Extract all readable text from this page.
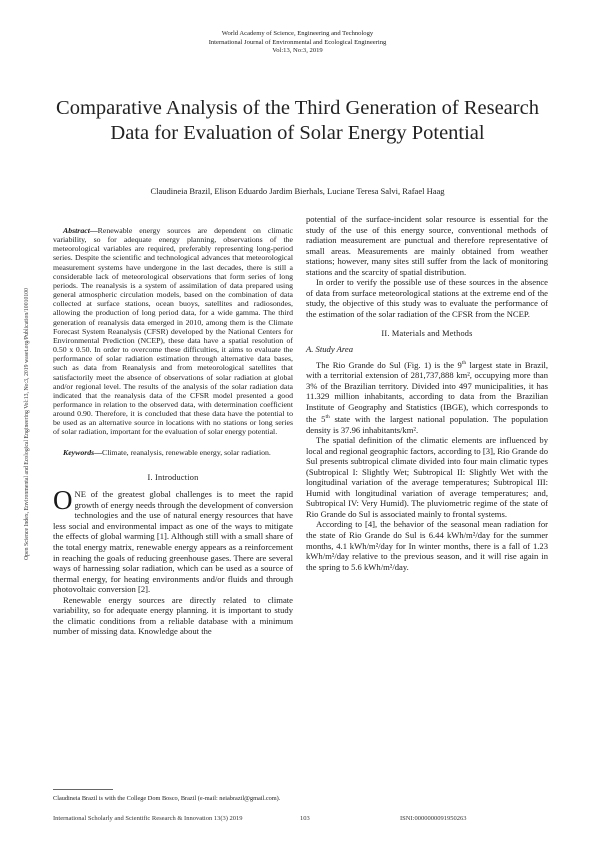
World Academy of Science, Engineering and Technology
International Journal of Environmental and Ecological Engineering
Vol:13, No:3, 2019
Comparative Analysis of the Third Generation of Research Data for Evaluation of Solar Energy Potential
Claudineia Brazil, Elison Eduardo Jardim Bierhals, Luciane Teresa Salvi, Rafael Haag
Open Science Index, Environmental and Ecological Engineering Vol:13, No:3, 2019 waset.org/Publication/10010100

Abstract—Renewable energy sources are dependent on climatic variability, so for adequate energy planning, observations of the meteorological variables are required, preferably representing long-period series. Despite the scientific and technological advances that meteorological measurement systems have undergone in the last decades, there is still a considerable lack of meteorological observations that form series of long periods. The reanalysis is a system of assimilation of data prepared using general atmospheric circulation models, based on the combination of data collected at surface stations, ocean buoys, satellites and radiosondes, allowing the production of long period data, for a wide gamma. The third generation of reanalysis data emerged in 2010, among them is the Climate Forecast System Reanalysis (CFSR) developed by the National Centers for Environmental Prediction (NCEP), these data have a spatial resolution of 0.50 x 0.50. In order to overcome these difficulties, it aims to evaluate the performance of solar radiation estimation through alternative data bases, such as data from Reanalysis and from meteorological satellites that satisfactorily meet the absence of observations of solar radiation at global and/or regional level. The results of the analysis of the solar radiation data indicated that the reanalysis data of the CFSR model presented a good performance in relation to the observed data, with determination coefficient around 0.90. Therefore, it is concluded that these data have the potential to be used as an alternative source in locations with no stations or long series of solar radiation, important for the evaluation of solar energy potential.

Keywords—Climate, reanalysis, renewable energy, solar radiation.

I. Introduction

ONE of the greatest global challenges is to meet the rapid growth of energy needs through the development of conversion technologies and the use of natural energy resources that have less social and environmental impact as one of the ways to mitigate the effects of global warming [1]. Although still with a small share of the total energy matrix, renewable energy appears as a reinforcement in reaching the goals of reducing greenhouse gases. There are several ways of harnessing solar radiation, which can be used as a source of thermal energy, for heating environments and/or fluids and through photovoltaic conversion [2].

Renewable energy sources are directly related to climate variability, so for adequate energy planning. it is important to study the climatic conditions from a reliable database with a minimum number of missing data. Knowledge about the

Claudineia Brazil is with the College Dom Bosco, Brazil (e-mail: neiabrazil@gmail.com).

potential of the surface-incident solar resource is essential for the study of the use of this energy source, conventional methods of radiation measurement are punctual and therefore representative of small areas. Measurements are mainly obtained from weather stations; however, many sites still suffer from the lack of monitoring stations and the scarcity of spatial distribution.

In order to verify the possible use of these sources in the absence of data from surface meteorological stations at the extreme end of the study, the objective of this study was to evaluate the performance of the estimation of the solar radiation of the CFSR from the NCEP.

II. Materials and Methods

A. Study Area

The Rio Grande do Sul (Fig. 1) is the 9th largest state in Brazil, with a territorial extension of 281,737,888 km², occupying more than 3% of the Brazilian territory. Divided into 497 municipalities, it has 11.329 million inhabitants, according to data from the Brazilian Institute of Geography and Statistics (IBGE), which corresponds to the 5th state with the largest national population. The population density is 37.96 inhabitants/km².

The spatial definition of the climatic elements are influenced by local and regional geographic factors, according to [3], Rio Grande do Sul presents subtropical climate divided into four main climatic types (Subtropical I: Slightly Wet; Subtropical II: Slightly Wet with the longitudinal variation of the average temperatures; Subtropical III: Humid with longitudinal variation of average temperatures; and, Subtropical IV: Very Humid). The pluviometric regime of the state of Rio Grande do Sul is associated mainly to frontal systems.

According to [4], the behavior of the seasonal mean radiation for the state of Rio Grande do Sul is 6.44 kWh/m²/day for the summer months, 4.1 kWh/m²/day for In winter months, there is a fall of 1.23 kWh/m²/day relative to the previous season, and it will rise again in the spring to 5.6 kWh/m²/day.

International Scholarly and Scientific Research & Innovation 13(3) 2019	103	ISNI:0000000091950263
